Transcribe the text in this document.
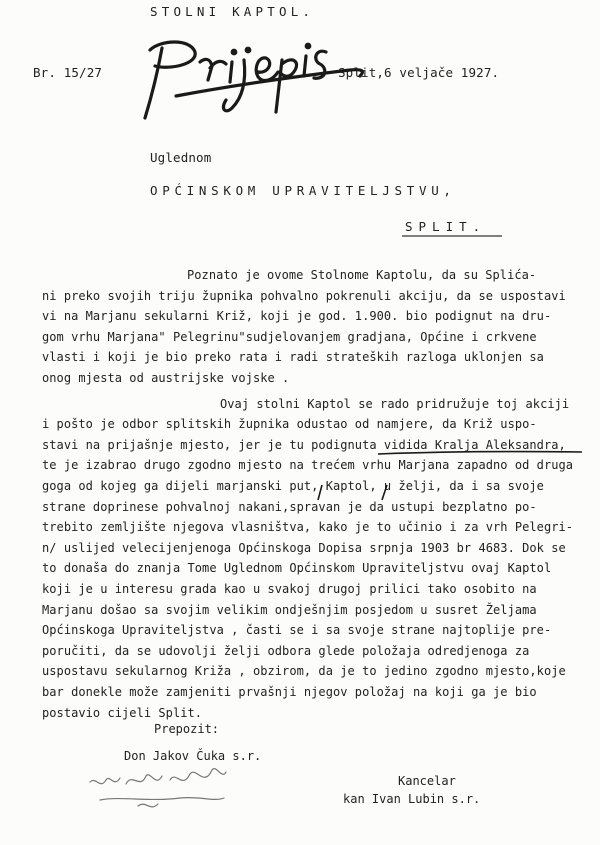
STOLNI KAPTOL.
Br. 15/27	Split,6 veljače 1927.
Uglednom
OPĆINSKOM UPRAVITELJSTVU,
SPLIT.
Poznato je ovome Stolnome Kaptolu, da su Splića-
ni preko svojih triju župnika pohvalno pokrenuli akciju, da se uspostavi
vi na Marjanu sekularni Križ, koji je god. 1.900. bio podignut na dru-
gom vrhu Marjana" Pelegrinu"sudjelovanjem gradjana, Općine i crkvene
vlasti i koji je bio preko rata i radi strateških razloga uklonjen sa
onog mjesta od austrijske vojske .
Ovaj stolni Kaptol se rado pridružuje toj akciji
i pošto je odbor splitskih župnika odustao od namjere, da Križ uspo-
stavi na prijašnje mjesto, jer je tu podignuta vidida Kralja Aleksandra,
te je izabrao drugo zgodno mjesto na trećem vrhu Marjana zapadno od druga
goga od kojeg ga dijeli marjanski put, Kaptol, u želji, da i sa svoje
strane doprinese pohvalnoj nakani,spravan je da ustupi bezplatno po-
trebito zemljište njegova vlasništva, kako je to učinio i za vrh Pelegri-
n/ uslijed velecijenjenoga Općinskoga Dopisa srpnja 1903 br 4683. Dok se
to donaša do znanja Tome Uglednom Općinskom Upraviteljstvu ovaj Kaptol
koji je u interesu grada kao u svakoj drugoj prilici tako osobito na
Marjanu došao sa svojim velikim ondješnjim posjedom u susret Željama
Općinskoga Upraviteljstva , časti se i sa svoje strane najtoplije pre-
poručiti, da se udovolji želji odbora gledе položaja odredjenoga za
uspostavu sekularnog Križa , obzirom, da je to jedino zgodno mjesto,koje
bar donekle može zamjeniti prvašnji njegov položaj na koji ga je bio
postavio cijeli Split.
Prepozit:
Don Jakov Čuka s.r.
Kancelar
kan Ivan Lubin s.r.
